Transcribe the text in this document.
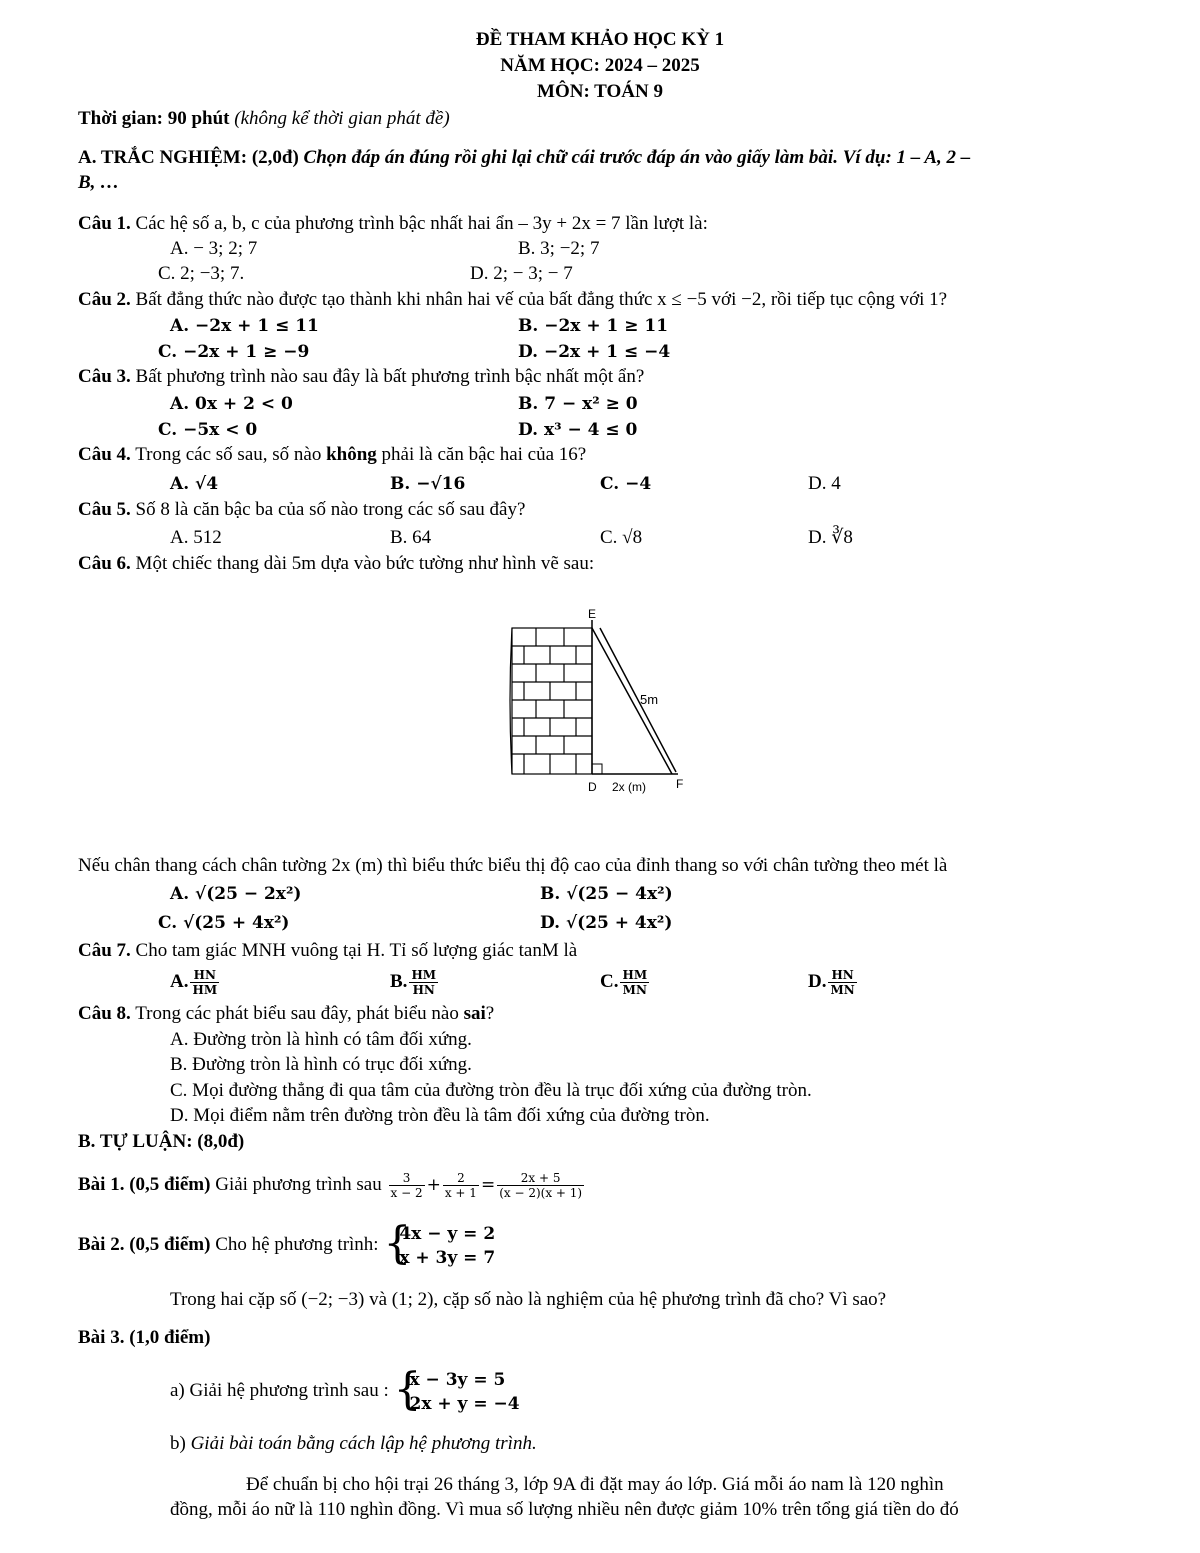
ĐỀ THAM KHẢO HỌC KỲ 1
NĂM HỌC: 2024 – 2025
MÔN: TOÁN 9
Thời gian: 90 phút (không kể thời gian phát đề)
A. TRẮC NGHIỆM: (2,0đ) Chọn đáp án đúng rồi ghi lại chữ cái trước đáp án vào giấy làm bài. Ví dụ: 1 – A, 2 –
B, …
Câu 1. Các hệ số a, b, c của phương trình bậc nhất hai ẩn – 3y + 2x = 7 lần lượt là:
A. − 3; 2; 7	B. 3; −2; 7
C. 2; −3; 7.	D. 2; − 3; − 7
Câu 2. Bất đẳng thức nào được tạo thành khi nhân hai vế của bất đẳng thức x ≤ −5 với −2, rồi tiếp tục cộng với 1?
A. −2x + 1 ≤ 11	B. −2x + 1 ≥ 11
C. −2x + 1 ≥ −9	D. −2x + 1 ≤ −4
Câu 3. Bất phương trình nào sau đây là bất phương trình bậc nhất một ẩn?
A. 0x + 2 < 0	B. 7 − x² ≥ 0
C. −5x < 0	D. x³ − 4 ≤ 0
Câu 4. Trong các số sau, số nào không phải là căn bậc hai của 16?
A. √4	B. −√16	C. −4	D. 4
Câu 5. Số 8 là căn bậc ba của số nào trong các số sau đây?
A. 512	B. 64	C. √8	D. ∛8
Câu 6. Một chiếc thang dài 5m dựa vào bức tường như hình vẽ sau:
E
5m
D 2x (m)	F
Nếu chân thang cách chân tường 2x (m) thì biểu thức biểu thị độ cao của đỉnh thang so với chân tường theo mét là
A. √(25 − 2x²)	B. √(25 − 4x²)
C. √(25 + 4x²)	D. √(25 + 4x²)
Câu 7. Cho tam giác MNH vuông tại H. Tỉ số lượng giác tanM là
A. $\frac{HN}{HM}$	B. $\frac{HM}{HN}$	C. $\frac{HM}{MN}$	D. $\frac{HN}{MN}$
Câu 8. Trong các phát biểu sau đây, phát biểu nào sai?
A. Đường tròn là hình có tâm đối xứng.
B. Đường tròn là hình có trục đối xứng.
C. Mọi đường thẳng đi qua tâm của đường tròn đều là trục đối xứng của đường tròn.
D. Mọi điểm nằm trên đường tròn đều là tâm đối xứng của đường tròn.
B. TỰ LUẬN: (8,0đ)
Bài 1. (0,5 điểm) Giải phương trình sau $\frac{3}{x - 2} + \frac{2}{x + 1} = \frac{2x + 5}{(x - 2)(x + 1)}$
Bài 2. (0,5 điểm) Cho hệ phương trình: {
4x − y = 2
x + 3y = 7
Trong hai cặp số (−2; −3) và (1; 2), cặp số nào là nghiệm của hệ phương trình đã cho? Vì sao?
Bài 3. (1,0 điểm)
a) Giải hệ phương trình sau : {
x − 3y = 5
2x + y = −4
b) Giải bài toán bằng cách lập hệ phương trình.
Để chuẩn bị cho hội trại 26 tháng 3, lớp 9A đi đặt may áo lớp. Giá mỗi áo nam là 120 nghìn
đồng, mỗi áo nữ là 110 nghìn đồng. Vì mua số lượng nhiều nên được giảm 10% trên tổng giá tiền do đó
